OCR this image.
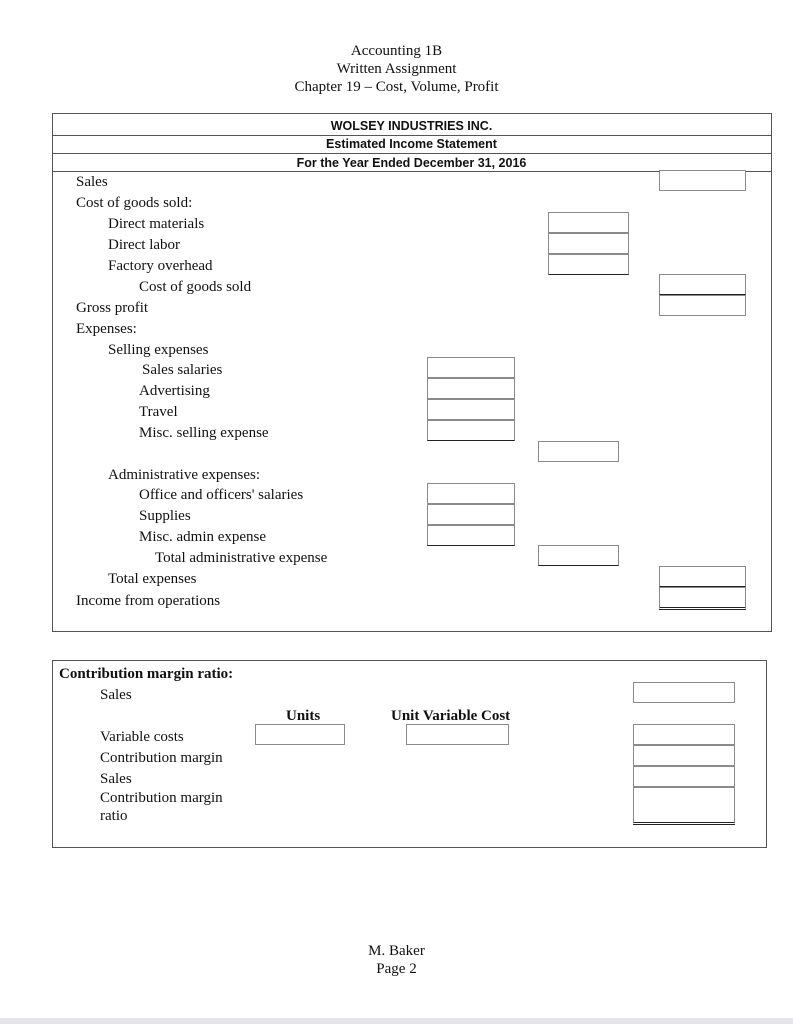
Accounting 1B
Written Assignment
Chapter 19 – Cost, Volume, Profit
WOLSEY INDUSTRIES INC.
Estimated Income Statement
For the Year Ended December 31, 2016
Sales
Cost of goods sold:
Direct materials
Direct labor
Factory overhead
Cost of goods sold
Gross profit
Expenses:
Selling expenses
Sales salaries
Advertising
Travel
Misc. selling expense
Administrative expenses:
Office and officers' salaries
Supplies
Misc. admin expense
Total administrative expense
Total expenses
Income from operations
Contribution margin ratio:
Sales
Units	Unit Variable Cost
Variable costs
Contribution margin
Sales
Contribution margin
ratio
M. Baker
Page 2
